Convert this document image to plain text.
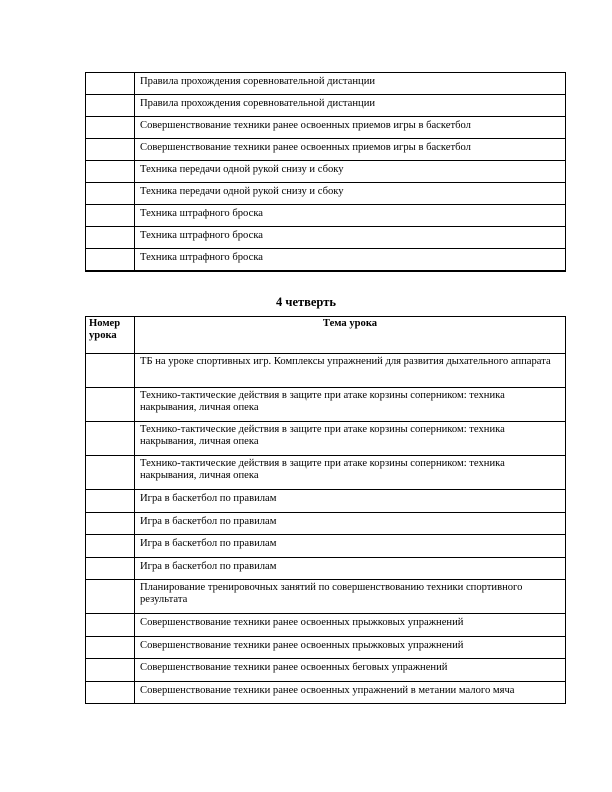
	Правила прохождения соревновательной дистанции
	Правила прохождения соревновательной дистанции
	Совершенствование техники ранее освоенных приемов игры в баскетбол
	Совершенствование техники ранее освоенных приемов игры в баскетбол
	Техника передачи одной рукой снизу и сбоку
	Техника передачи одной рукой снизу и сбоку
	Техника штрафного броска
	Техника штрафного броска
	Техника штрафного броска
4 четверть
Номер урока	Тема урока
	ТБ на уроке спортивных игр. Комплексы упражнений для развития дыхательного аппарата
	Технико-тактические действия в защите при атаке корзины соперником: техника накрывания, личная опека
	Технико-тактические действия в защите при атаке корзины соперником: техника накрывания, личная опека
	Технико-тактические действия в защите при атаке корзины соперником: техника накрывания, личная опека
	Игра в баскетбол по правилам
	Игра в баскетбол по правилам
	Игра в баскетбол по правилам
	Игра в баскетбол по правилам
	Планирование тренировочных занятий по совершенствованию техники спортивного результата
	Совершенствование техники ранее освоенных прыжковых упражнений
	Совершенствование техники ранее освоенных прыжковых упражнений
	Совершенствование техники ранее освоенных беговых упражнений
	Совершенствование техники ранее освоенных упражнений в метании малого мяча
